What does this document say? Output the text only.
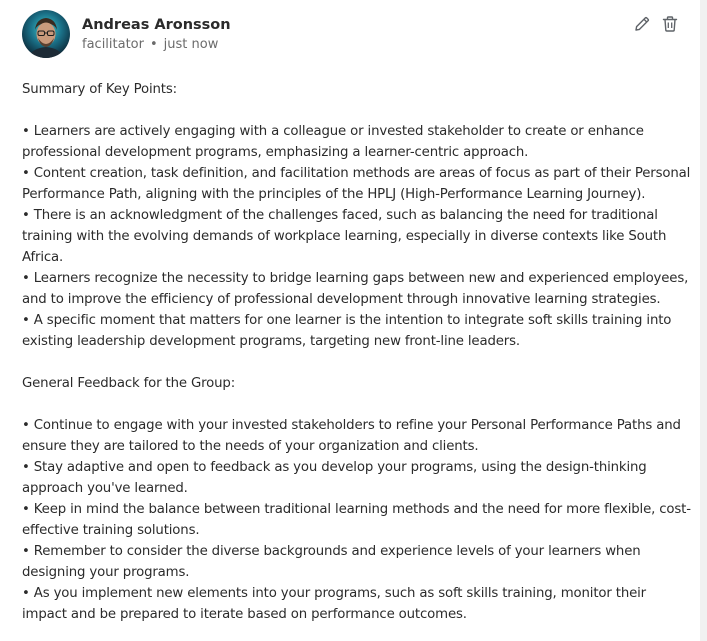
Andreas Aronsson
facilitator • just now

Summary of Key Points:

• Learners are actively engaging with a colleague or invested stakeholder to create or enhance professional development programs, emphasizing a learner-centric approach.

• Content creation, task definition, and facilitation methods are areas of focus as part of their Personal Performance Path, aligning with the principles of the HPLJ (High-Performance Learning Journey).

• There is an acknowledgment of the challenges faced, such as balancing the need for traditional training with the evolving demands of workplace learning, especially in diverse contexts like South Africa.

• Learners recognize the necessity to bridge learning gaps between new and experienced employees, and to improve the efficiency of professional development through innovative learning strategies.

• A specific moment that matters for one learner is the intention to integrate soft skills training into existing leadership development programs, targeting new front-line leaders.

General Feedback for the Group:

• Continue to engage with your invested stakeholders to refine your Personal Performance Paths and ensure they are tailored to the needs of your organization and clients.

• Stay adaptive and open to feedback as you develop your programs, using the design-thinking approach you've learned.

• Keep in mind the balance between traditional learning methods and the need for more flexible, cost-effective training solutions.

• Remember to consider the diverse backgrounds and experience levels of your learners when designing your programs.

• As you implement new elements into your programs, such as soft skills training, monitor their impact and be prepared to iterate based on performance outcomes.
